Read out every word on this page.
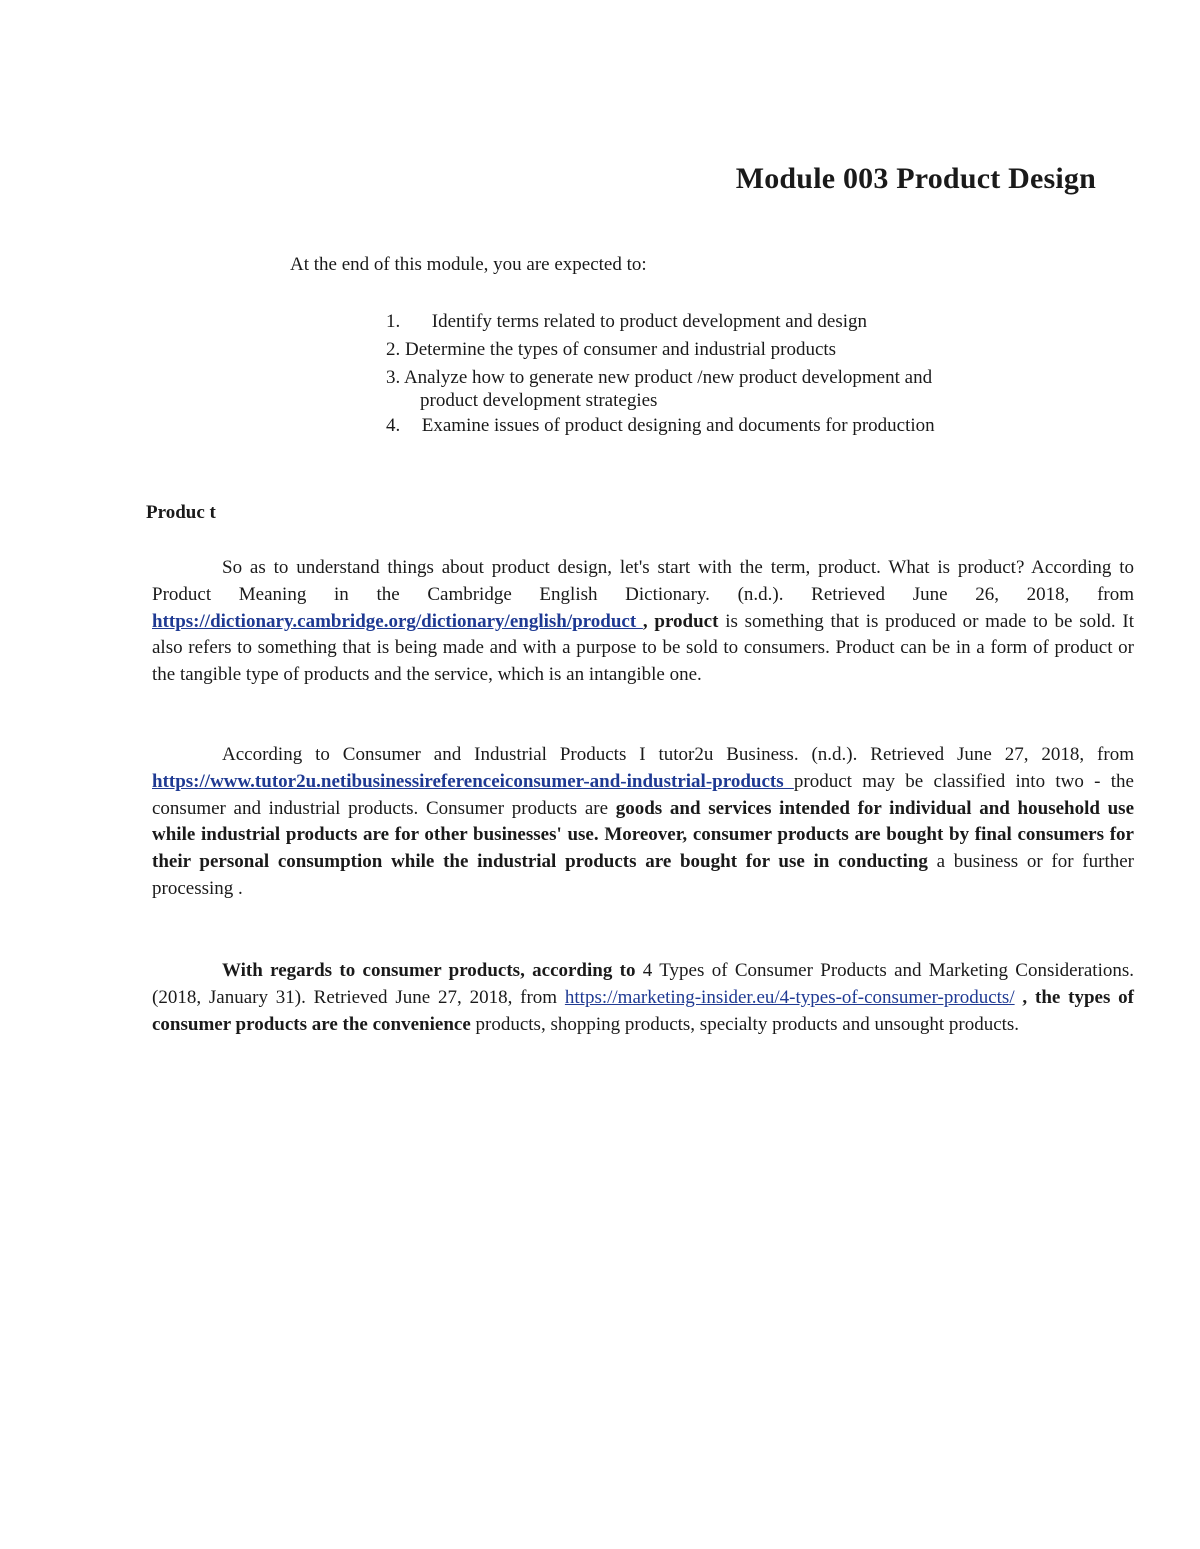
Module 003 Product Design

At the end of this module, you are expected to:

1. Identify terms related to product development and design
2. Determine the types of consumer and industrial products
3. Analyze how to generate new product /new product development and
product development strategies
4. Examine issues of product designing and documents for production
Produc t

So as to understand things about product design, let's start with the term, product. What is product? According to Product Meaning in the Cambridge English Dictionary. (n.d.). Retrieved June 26, 2018, from https://dictionary.cambridge.org/dictionary/english/product , product is something that is produced or made to be sold. It also refers to something that is being made and with a purpose to be sold to consumers. Product can be in a form of product or the tangible type of products and the service, which is an intangible one.

According to Consumer and Industrial Products I tutor2u Business. (n.d.). Retrieved June 27, 2018, from https://www.tutor2u.netibusinessireferenceiconsumer-and-industrial-products product may be classified into two - the consumer and industrial products. Consumer products are goods and services intended for individual and household use while industrial products are for other businesses' use. Moreover, consumer products are bought by final consumers for their personal consumption while the industrial products are bought for use in conducting a business or for further processing .

With regards to consumer products, according to 4 Types of Consumer Products and Marketing Considerations. (2018, January 31). Retrieved June 27, 2018, from https://marketing-insider.eu/4-types-of-consumer-products/ , the types of consumer products are the convenience products, shopping products, specialty products and unsought products.
